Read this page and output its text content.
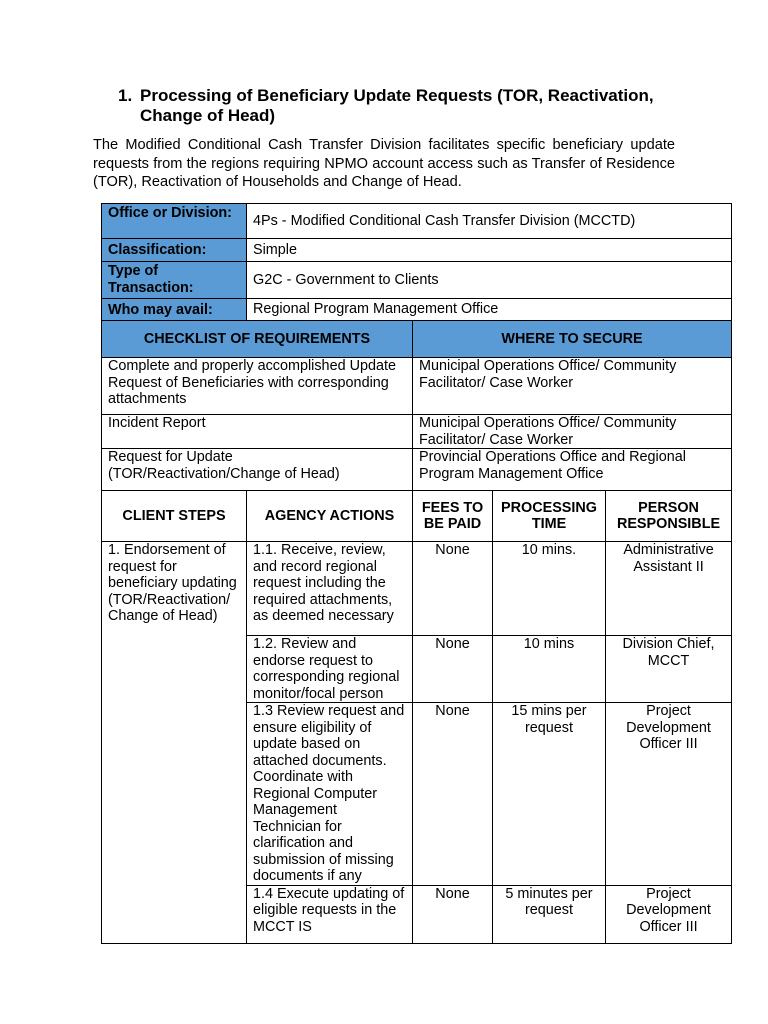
1. Processing of Beneficiary Update Requests (TOR, Reactivation, Change of Head)
The Modified Conditional Cash Transfer Division facilitates specific beneficiary update requests from the regions requiring NPMO account access such as Transfer of Residence (TOR), Reactivation of Households and Change of Head.
Office or Division:	4Ps - Modified Conditional Cash Transfer Division (MCCTD)			
Classification:	Simple			
Type of Transaction:	G2C - Government to Clients			
Who may avail:	Regional Program Management Office			
CHECKLIST OF REQUIREMENTS		WHERE TO SECURE		
Complete and properly accomplished Update Request of Beneficiaries with corresponding attachments		Municipal Operations Office/ Community Facilitator/ Case Worker		
Incident Report		Municipal Operations Office/ Community Facilitator/ Case Worker		
Request for Update (TOR/Reactivation/Change of Head)		Provincial Operations Office and Regional Program Management Office		
CLIENT STEPS	AGENCY ACTIONS	FEES TO BE PAID	PROCESSING TIME	PERSON RESPONSIBLE
1. Endorsement of request for beneficiary updating (TOR/Reactivation/ Change of Head)	1.1. Receive, review, and record regional request including the required attachments, as deemed necessary	None	10 mins.	Administrative Assistant II
	1.2. Review and endorse request to corresponding regional monitor/focal person	None	10 mins	Division Chief, MCCT
	1.3 Review request and ensure eligibility of update based on attached documents. Coordinate with Regional Computer Management Technician for clarification and submission of missing documents if any	None	15 mins per request	Project Development Officer III
	1.4 Execute updating of eligible requests in the MCCT IS	None	5 minutes per request	Project Development Officer III
